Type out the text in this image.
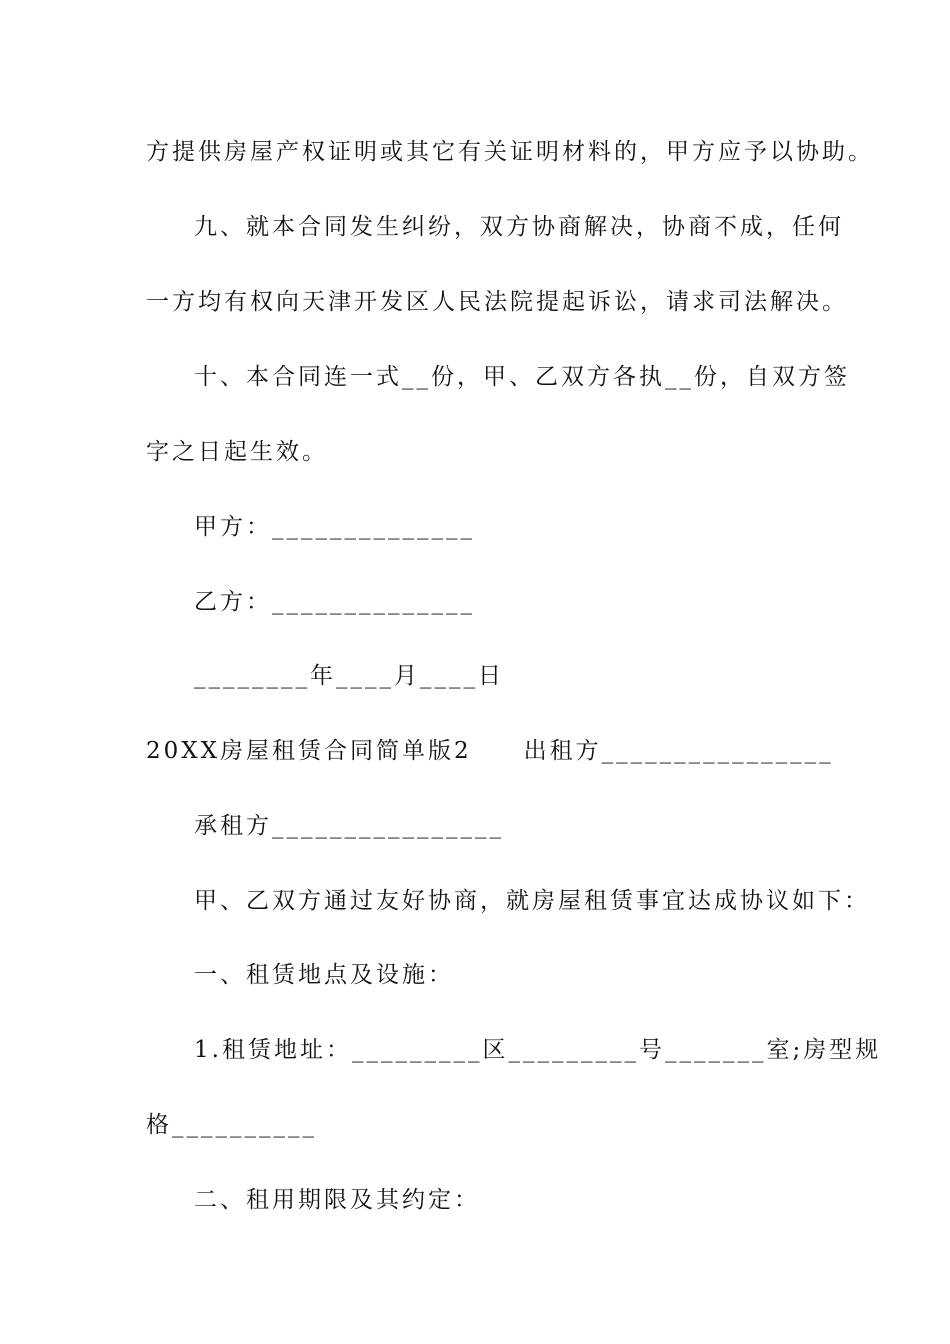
方提供房屋产权证明或其它有关证明材料的，甲方应予以协助。
九、就本合同发生纠纷，双方协商解决，协商不成，任何
一方均有权向天津开发区人民法院提起诉讼，请求司法解决。
十、本合同连一式__份，甲、乙双方各执__份，自双方签
字之日起生效。
甲方：______________
乙方：______________
________年____月____日
20XX房屋租赁合同简单版2　　出租方________________
承租方________________
甲、乙双方通过友好协商，就房屋租赁事宜达成协议如下：
一、租赁地点及设施：
1.租赁地址：_________区_________号_______室;房型规
格__________
二、租用期限及其约定：
